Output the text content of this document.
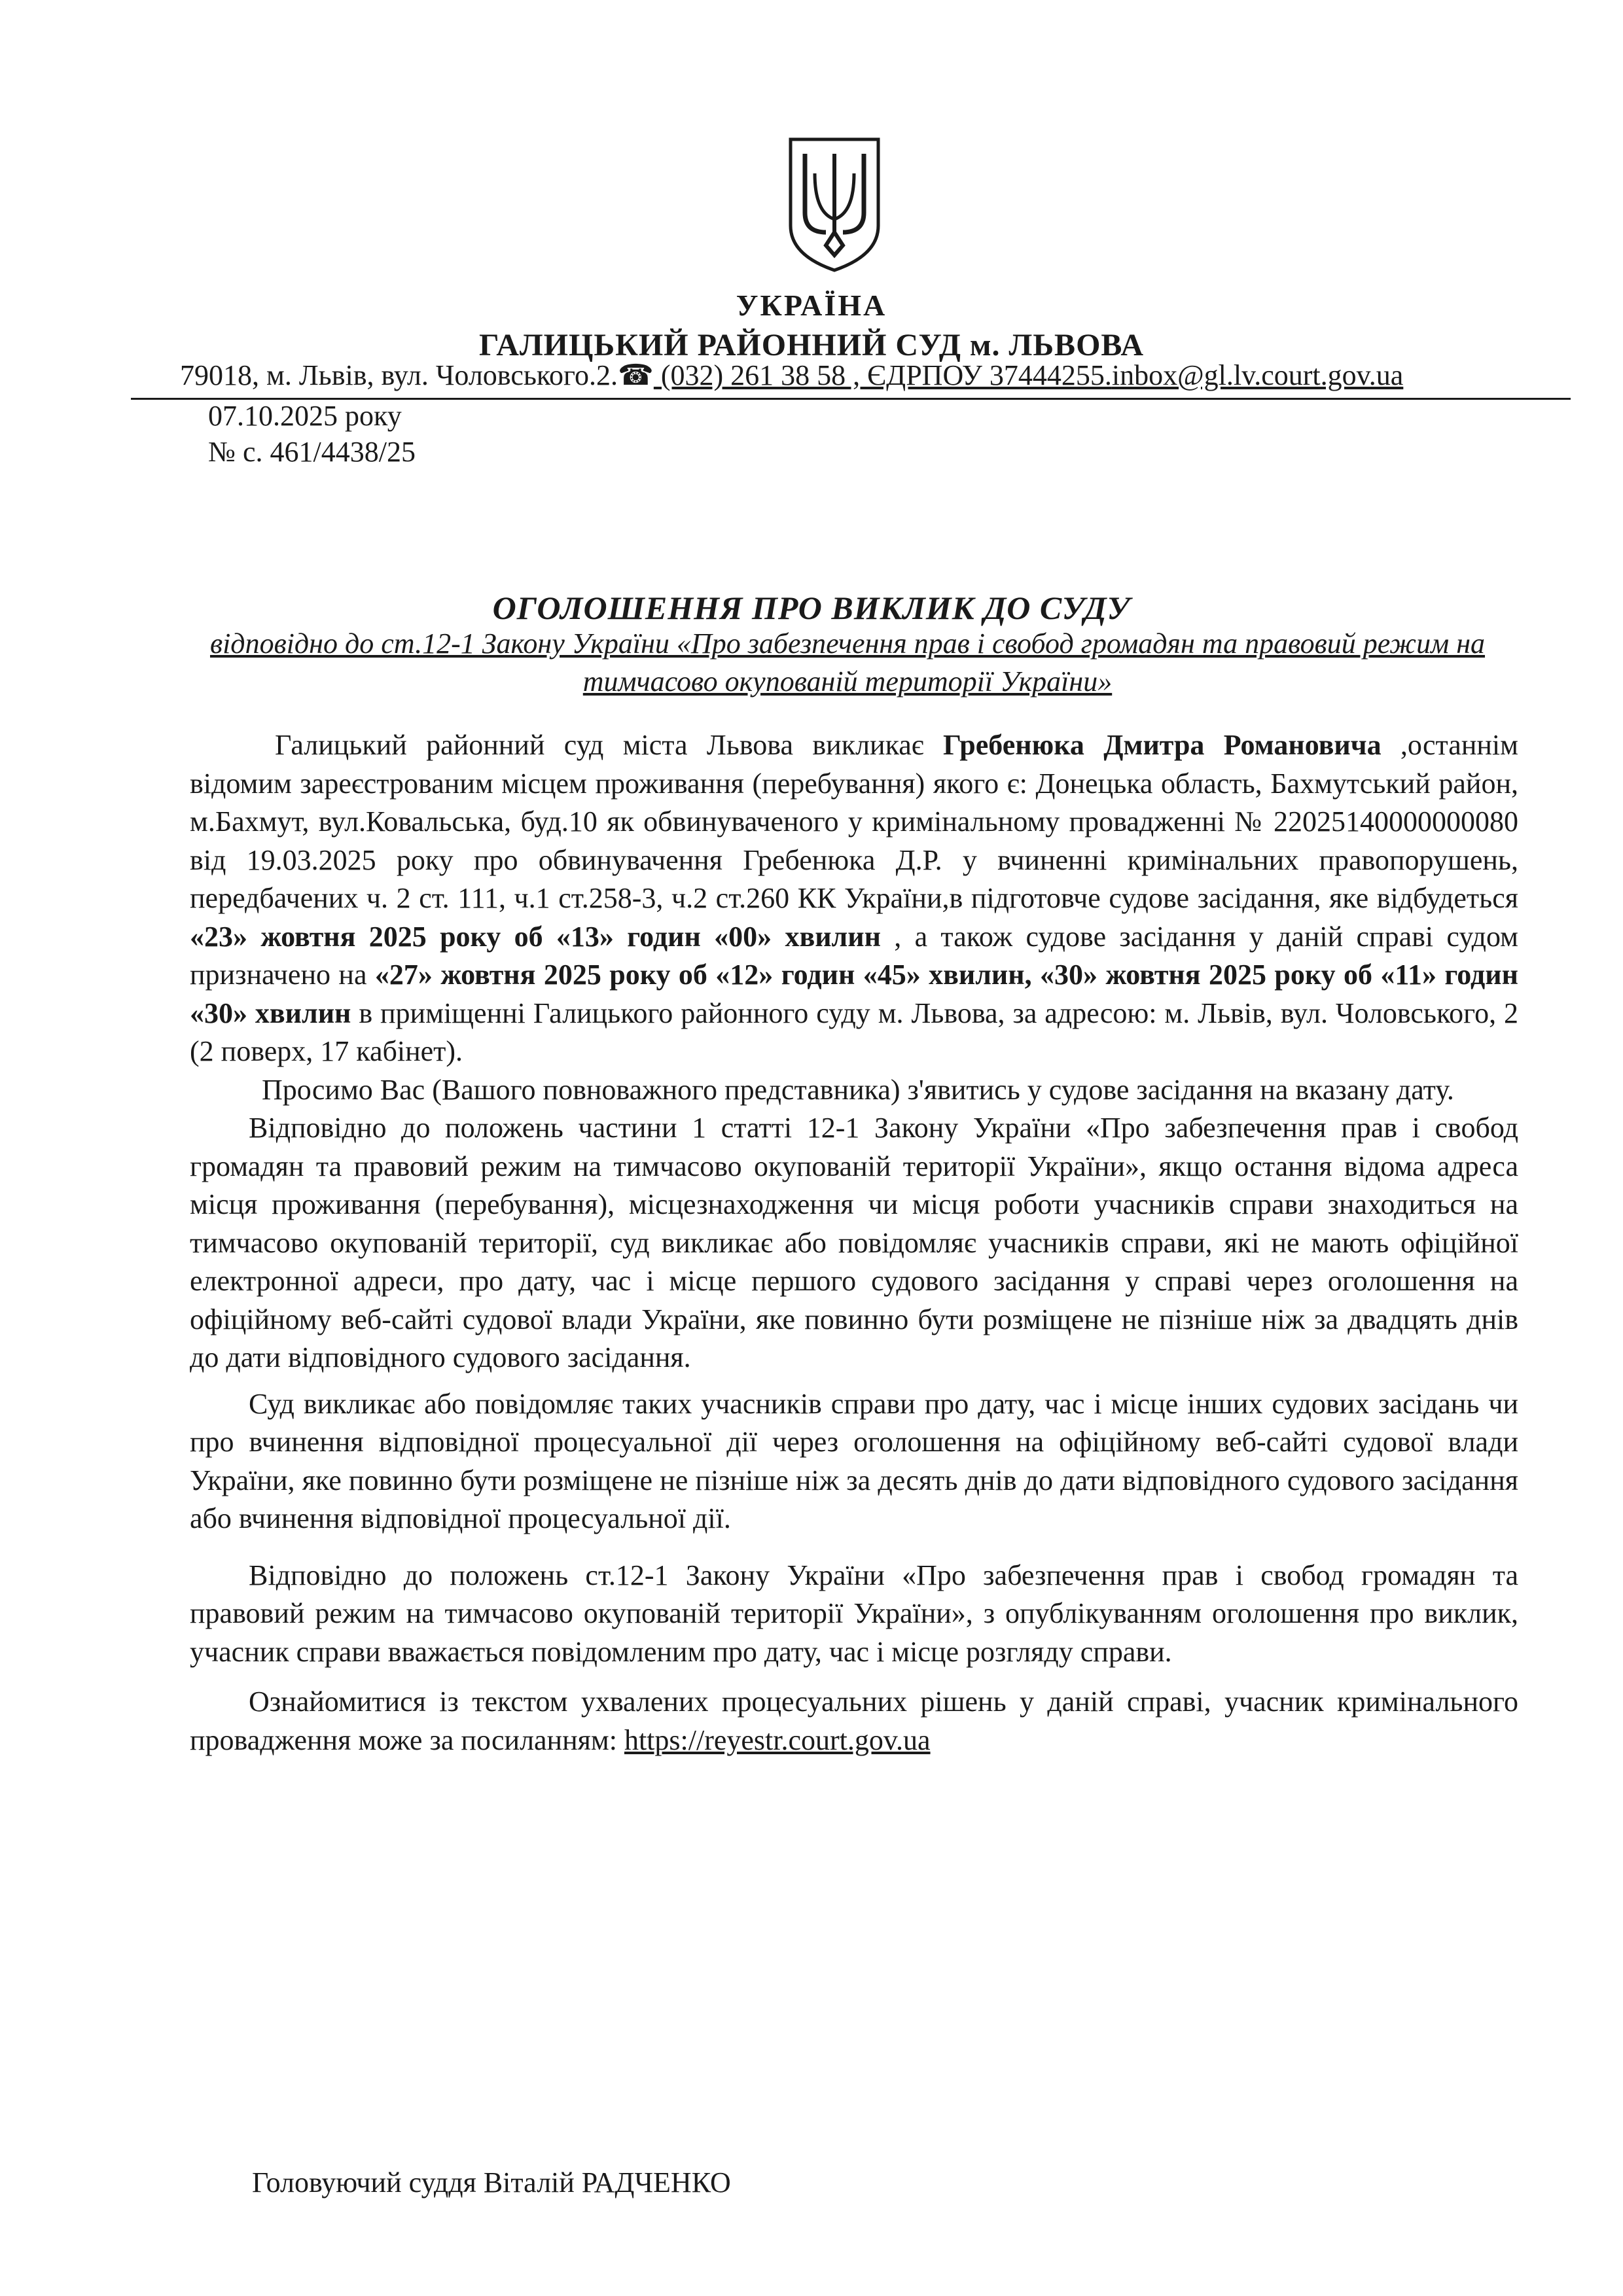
УКРАЇНА
ГАЛИЦЬКИЙ РАЙОННИЙ СУД м. ЛЬВОВА
79018, м. Львів, вул. Чоловського.2.☎ (032) 261 38 58 , ЄДРПОУ 37444255.inbox@gl.lv.court.gov.ua
07.10.2025 року
№ с. 461/4438/25
ОГОЛОШЕННЯ ПРО ВИКЛИК ДО СУДУ
відповідно до ст.12-1 Закону України «Про забезпечення прав і свобод громадян та правовий режим на тимчасово окупованій території України»

Галицький районний суд міста Львова викликає Гребенюка Дмитра Романовича ,останнім відомим зареєстрованим місцем проживання (перебування) якого є: Донецька область, Бахмутський район, м.Бахмут, вул.Ковальська, буд.10 як обвинуваченого у кримінальному провадженні № 22025140000000080 від 19.03.2025 року про обвинувачення Гребенюка Д.Р. у вчиненні кримінальних правопорушень, передбачених ч. 2 ст. 111, ч.1 ст.258-3, ч.2 ст.260 КК України,в підготовче судове засідання, яке відбудеться «23» жовтня 2025 року об «13» годин «00» хвилин , а також судове засідання у даній справі судом призначено на «27» жовтня 2025 року об «12» годин «45» хвилин, «30» жовтня 2025 року об «11» годин «30» хвилин в приміщенні Галицького районного суду м. Львова, за адресою: м. Львів, вул. Чоловського, 2 (2 поверх, 17 кабінет).

Просимо Вас (Вашого повноважного представника) з'явитись у судове засідання на вказану дату.

Відповідно до положень частини 1 статті 12-1 Закону України «Про забезпечення прав і свобод громадян та правовий режим на тимчасово окупованій території України», якщо остання відома адреса місця проживання (перебування), місцезнаходження чи місця роботи учасників справи знаходиться на тимчасово окупованій території, суд викликає або повідомляє учасників справи, які не мають офіційної електронної адреси, про дату, час і місце першого судового засідання у справі через оголошення на офіційному веб-сайті судової влади України, яке повинно бути розміщене не пізніше ніж за двадцять днів до дати відповідного судового засідання.

Суд викликає або повідомляє таких учасників справи про дату, час і місце інших судових засідань чи про вчинення відповідної процесуальної дії через оголошення на офіційному веб-сайті судової влади України, яке повинно бути розміщене не пізніше ніж за десять днів до дати відповідного судового засідання або вчинення відповідної процесуальної дії.

Відповідно до положень ст.12-1 Закону України «Про забезпечення прав і свобод громадян та правовий режим на тимчасово окупованій території України», з опублікуванням оголошення про виклик, учасник справи вважається повідомленим про дату, час і місце розгляду справи.

Ознайомитися із текстом ухвалених процесуальних рішень у даній справі, учасник кримінального провадження може за посиланням: https://reyestr.court.gov.ua

Головуючий суддя Віталій РАДЧЕНКО
